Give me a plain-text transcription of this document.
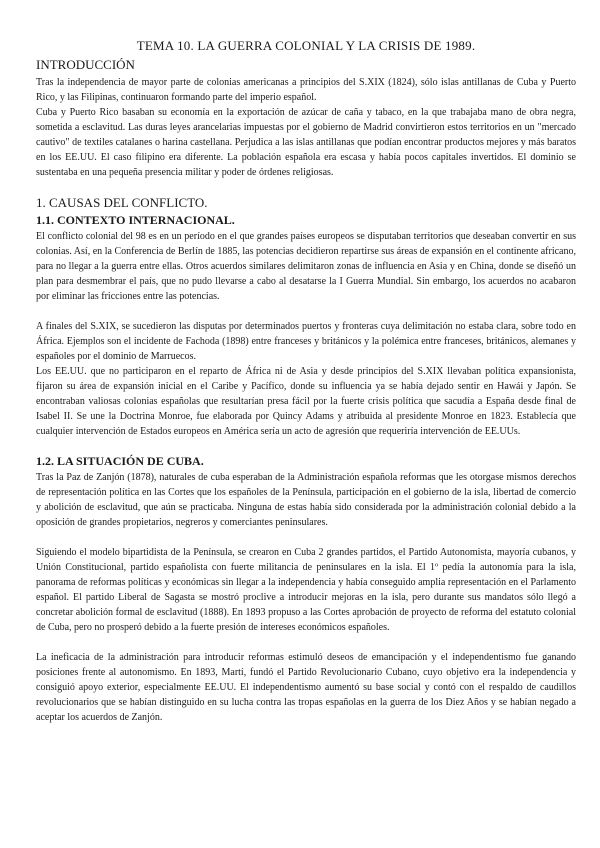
TEMA 10. LA GUERRA COLONIAL Y LA CRISIS DE 1989.
INTRODUCCIÓN

Tras la independencia de mayor parte de colonias americanas a principios del S.XIX (1824), sólo islas antillanas de Cuba y Puerto Rico, y las Filipinas, continuaron formando parte del imperio español.

Cuba y Puerto Rico basaban su economía en la exportación de azúcar de caña y tabaco, en la que trabajaba mano de obra negra, sometida a esclavitud. Las duras leyes arancelarias impuestas por el gobierno de Madrid convirtieron estos territorios en un "mercado cautivo" de textiles catalanes o harina castellana. Perjudica a las islas antillanas que podían encontrar productos mejores y más baratos en los EE.UU. El caso filipino era diferente. La población española era escasa y había pocos capitales invertidos. El dominio se sustentaba en una pequeña presencia militar y poder de órdenes religiosas.

1. CAUSAS DEL CONFLICTO.
1.1. CONTEXTO INTERNACIONAL.

El conflicto colonial del 98 es en un período en el que grandes países europeos se disputaban territorios que deseaban convertir en sus colonias. Así, en la Conferencia de Berlín de 1885, las potencias decidieron repartirse sus áreas de expansión en el continente africano, para no llegar a la guerra entre ellas. Otros acuerdos similares delimitaron zonas de influencia en Asia y en China, donde se diseñó un plan para desmembrar el país, que no pudo llevarse a cabo al desatarse la I Guerra Mundial. Sin embargo, los acuerdos no acabaron por eliminar las fricciones entre las potencias.

A finales del S.XIX, se sucedieron las disputas por determinados puertos y fronteras cuya delimitación no estaba clara, sobre todo en África. Ejemplos son el incidente de Fachoda (1898) entre franceses y británicos y la polémica entre franceses, británicos, alemanes y españoles por el dominio de Marruecos.

Los EE.UU. que no participaron en el reparto de África ni de Asia y desde principios del S.XIX llevaban política expansionista, fijaron su área de expansión inicial en el Caribe y Pacífico, donde su influencia ya se había dejado sentir en Hawái y Japón. Se encontraban valiosas colonias españolas que resultarían presa fácil por la fuerte crisis política que sacudía a España desde final de Isabel II. Se une la Doctrina Monroe, fue elaborada por Quincy Adams y atribuida al presidente Monroe en 1823. Establecía que cualquier intervención de Estados europeos en América sería un acto de agresión que requeriría intervención de EE.UUs.

1.2. LA SITUACIÓN DE CUBA.

Tras la Paz de Zanjón (1878), naturales de cuba esperaban de la Administración española reformas que les otorgase mismos derechos de representación política en las Cortes que los españoles de la Península, participación en el gobierno de la isla, libertad de comercio y abolición de esclavitud, que aún se practicaba. Ninguna de estas había sido considerada por la administración colonial debido a la oposición de grandes propietarios, negreros y comerciantes peninsulares.

Siguiendo el modelo bipartidista de la Península, se crearon en Cuba 2 grandes partidos, el Partido Autonomista, mayoría cubanos, y Unión Constitucional, partido españolista con fuerte militancia de peninsulares en la isla. El 1º pedía la autonomía para la isla, panorama de reformas políticas y económicas sin llegar a la independencia y había conseguido amplia representación en el Parlamento español. El partido Liberal de Sagasta se mostró proclive a introducir mejoras en la isla, pero durante sus mandatos sólo llegó a concretar abolición formal de esclavitud (1888). En 1893 propuso a las Cortes aprobación de proyecto de reforma del estatuto colonial de Cuba, pero no prosperó debido a la fuerte presión de intereses económicos españoles.

La ineficacia de la administración para introducir reformas estimuló deseos de emancipación y el independentismo fue ganando posiciones frente al autonomismo. En 1893, Martí, fundó el Partido Revolucionario Cubano, cuyo objetivo era la independencia y consiguió apoyo exterior, especialmente EE.UU. El independentismo aumentó su base social y contó con el respaldo de caudillos revolucionarios que se habían distinguido en su lucha contra las tropas españolas en la guerra de los Diez Años y se habían negado a aceptar los acuerdos de Zanjón.
